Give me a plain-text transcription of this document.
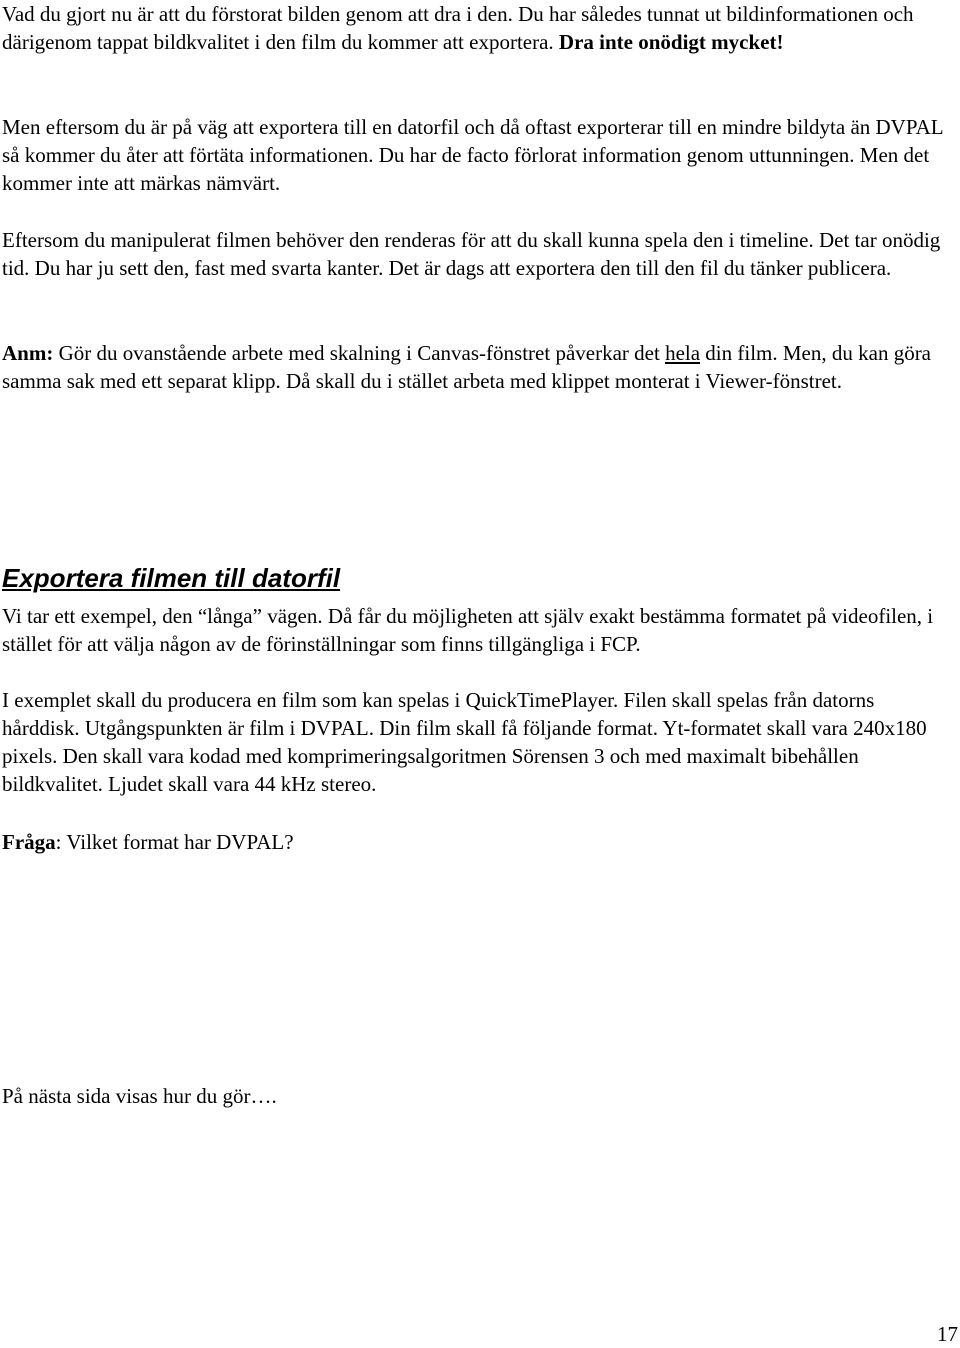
Vad du gjort nu är att du förstorat bilden genom att dra i den. Du har således tunnat ut bildinformationen och därigenom tappat bildkvalitet i den film du kommer att exportera. Dra inte onödigt mycket!

Men eftersom du är på väg att exportera till en datorfil och då oftast exporterar till en mindre bildyta än DVPAL så kommer du åter att förtäta informationen. Du har de facto förlorat information genom uttunningen. Men det kommer inte att märkas nämvärt.

Eftersom du manipulerat filmen behöver den renderas för att du skall kunna spela den i timeline. Det tar onödig tid. Du har ju sett den, fast med svarta kanter. Det är dags att exportera den till den fil du tänker publicera.

Anm: Gör du ovanstående arbete med skalning i Canvas-fönstret påverkar det hela din film. Men, du kan göra samma sak med ett separat klipp. Då skall du i stället arbeta med klippet monterat i Viewer-fönstret.

Exportera filmen till datorfil

Vi tar ett exempel, den “långa” vägen. Då får du möjligheten att själv exakt bestämma formatet på videofilen, i stället för att välja någon av de förinställningar som finns tillgängliga i FCP.

I exemplet skall du producera en film som kan spelas i QuickTimePlayer. Filen skall spelas från datorns hårddisk. Utgångspunkten är film i DVPAL. Din film skall få följande format. Yt-formatet skall vara 240x180 pixels. Den skall vara kodad med komprimeringsalgoritmen Sörensen 3 och med maximalt bibehållen bildkvalitet. Ljudet skall vara 44 kHz stereo.

Fråga: Vilket format har DVPAL?

På nästa sida visas hur du gör….

17
